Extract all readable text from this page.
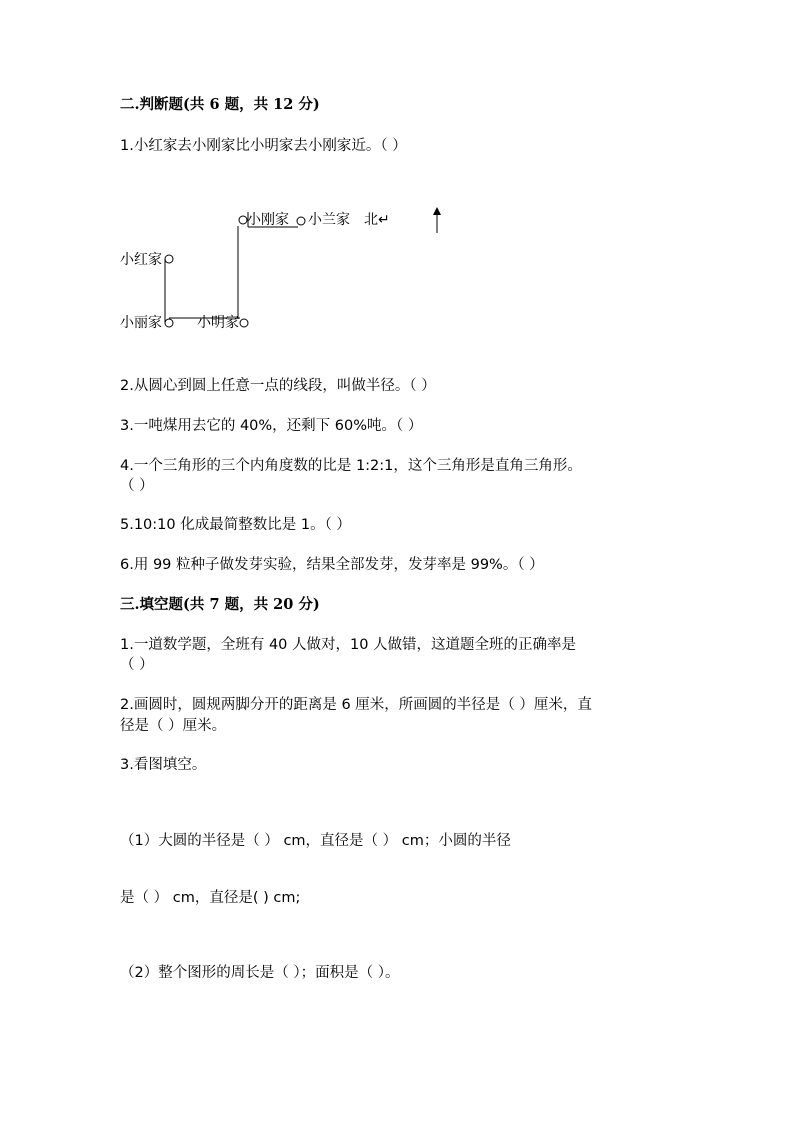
二.判断题(共 6 题，共 12 分)
1.小红家去小刚家比小明家去小刚家近。（ ）
小刚家 小兰家 北↵
小红家
小丽家	小明家
2.从圆心到圆上任意一点的线段，叫做半径。（ ）
3.一吨煤用去它的 40%，还剩下 60%吨。（ ）
4.一个三角形的三个内角度数的比是 1:2:1，这个三角形是直角三角形。
（ ）
5.10:10 化成最简整数比是 1。（ ）
6.用 99 粒种子做发芽实验，结果全部发芽，发芽率是 99%。（ ）
三.填空题(共 7 题，共 20 分)
1.一道数学题，全班有 40 人做对，10 人做错，这道题全班的正确率是
（ ）
2.画圆时，圆规两脚分开的距离是 6 厘米，所画圆的半径是（ ）厘米，直
径是（ ）厘米。
3.看图填空。
（1）大圆的半径是（ ） cm，直径是（ ） cm；小圆的半径
是（ ） cm，直径是( ) cm;
（2）整个图形的周长是（ ）；面积是（ ）。
